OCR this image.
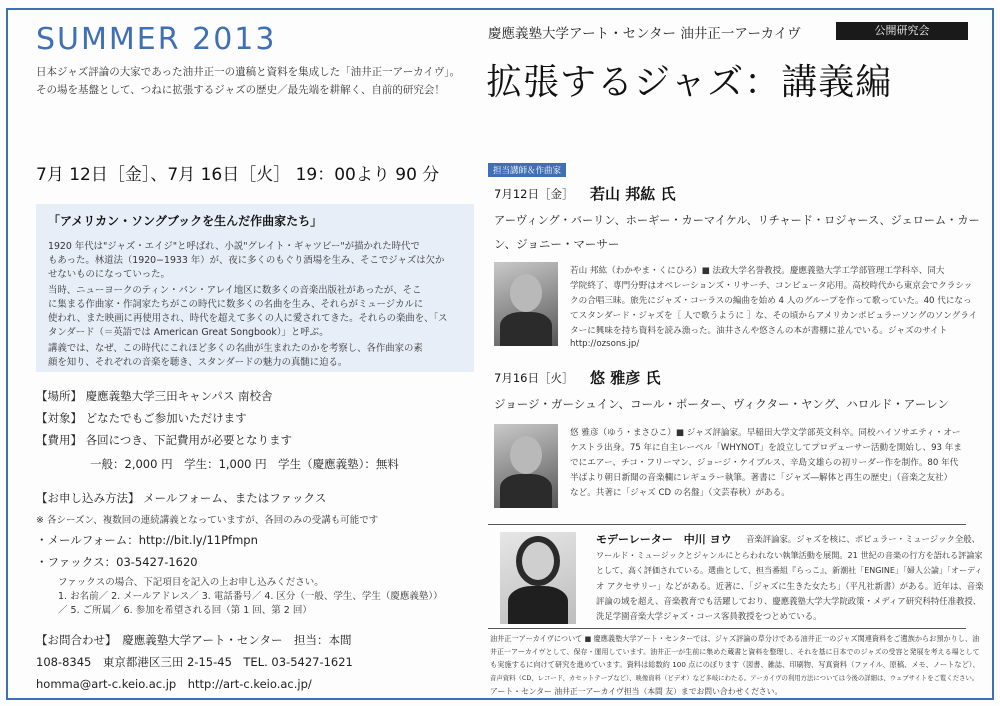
SUMMER 2013
日本ジャズ評論の大家であった油井正一の遺稿と資料を集成した「油井正一アーカイヴ」。
その場を基盤として、つねに拡張するジャズの歴史／最先端を耕解く、自前的研究会！
慶應義塾大学アート・センター 油井正一アーカイヴ	公開研究会
拡張するジャズ：講義編
7月 12日［金］、7月 16日［火］ 19：00より 90 分
「アメリカン・ソングブックを生んだ作曲家たち」
1920 年代は"ジャズ・エイジ"と呼ばれ、小説"グレイト・ギャツビー"が描かれた時代で
もあった。林道法（1920−1933 年）が、夜に多くのもぐり酒場を生み、そこでジャズは欠か
せないものになっていった。
当時、ニューヨークのティン・パン・アレイ地区に数多くの音楽出版社があったが、そこ
に集まる作曲家・作詞家たちがこの時代に数多くの名曲を生み、それらがミュージカルに
使われ、また映画に再使用され、時代を超えて多くの人に愛されてきた。それらの楽曲を、「ス
タンダード（＝英語では American Great Songbook）」と呼ぶ。
講義では、なぜ、この時代にこれほど多くの名曲が生まれたのかを考察し、各作曲家の素
顔を知り、それぞれの音楽を聴き、スタンダードの魅力の真髄に迫る。
【場所】 慶應義塾大学三田キャンパス 南校舎
【対象】 どなたでもご参加いただけます
【費用】 各回につき、下記費用が必要となります
一般：2,000 円　学生：1,000 円　学生（慶應義塾）：無料
【お申し込み方法】 メールフォーム、またはファックス
※ 各シーズン、複数回の連続講義となっていますが、各回のみの受講も可能です
・メールフォーム：http://bit.ly/11Pfmpn
・ファックス：03-5427-1620
ファックスの場合、下記項目を記入の上お申し込みください。
1. お名前／ 2. メールアドレス／ 3. 電話番号／ 4. 区分（一般、学生、学生（慶應義塾））
／ 5. ご所属／ 6. 参加を希望される回（第 1 回、第 2 回）
【お問合わせ】　慶應義塾大学アート・センター　担当：本間
108-8345　東京都港区三田 2-15-45　TEL. 03-5427-1621
homma@art-c.keio.ac.jp　http://art-c.keio.ac.jp/
担当講師＆作曲家
7月12日［金］ 若山 邦紘 氏
アーヴィング・バーリン、ホーギー・カーマイケル、リチャード・ロジャース、ジェローム・カー
ン、ジョニー・マーサー
若山 邦紘（わかやま・くにひろ）■ 法政大学名誉教授。慶應義塾大学工学部管理工学科卒、同大
学院終了、専門分野はオペレーションズ・リサーチ、コンピュータ応用。高校時代から東京会でクラシッ
クの合唱三昧。旅先にジャズ・コーラスの編曲を始め 4 人のグループを作って歌っていた。40 代になっ
てスタンダード・ジャズを［ 人で歌うように ］な、その頃からアメリカンポピュラーソングのソングライ
ターに興味を持ち資料を読み漁った。油井さんや悠さんの本が書棚に並んでいる。ジャズのサイト
http://ozsons.jp/
7月16日［火］ 悠 雅彦 氏
ジョージ・ガーシュイン、コール・ポーター、ヴィクター・ヤング、ハロルド・アーレン
悠 雅彦（ゆう・まさひこ）■ ジャズ評論家。早稲田大学文学部英文科卒。同校ハイソサエティ・オー
ケストラ出身。75 年に自主レーベル「WHYNOT」を設立してプロデューサー活動を開始し、93 年ま
でにエアー、チコ・フリーマン、ジョージ・ケイブルス、辛島文雄らの初リーダー作を制作。80 年代
半ばより朝日新聞の音楽欄にレギュラー執筆。著書に「ジャズ―解体と再生の歴史」（音楽之友社）
など。共著に「ジャズ CD の名盤」（文芸春秋）がある。
モデーレーター　中川 ヨウ 音楽評論家。ジャズを核に、ポピュラー・ミュージック全般、
ワールド・ミュージックとジャンルにとらわれない執筆活動を展開。21 世紀の音楽の行方を語れる評論家
として、高く評価されている。選曲として、担当番組『らっこ』、新潮社「ENGINE」「婦人公論」「オーディ
オ アクセサリー」などがある。近著に、「ジャズに生きた女たち」（平凡社新書）がある。近年は、音楽
評論の域を超え、音楽教育でも活躍しており、慶應義塾大学大学院政策・メディア研究科特任准教授、
洗足学園音楽大学ジャズ・コース客員教授をつとめている。
油井正一アーカイヴについて ■ 慶應義塾大学アート・センターでは、ジャズ評論の草分けである油井正一のジャズ関連資料をご遺族からお預かりし、油
井正一アーカイヴとして、保存・運用しています。油井正一が生前に集めた蔵書と資料を整理し、それを基に日本でのジャズの受容と発展を考える場として
も実施するに向けて研究を進めています。資料は総数約 100 点にのぼります（図書、雑誌、印刷物、写真資料（ファイル、原稿、メモ、ノートなど）、
音声資料（CD、レコード、カセットテープなど）、映像資料（ビデオ）など多岐にわたる。アーカイヴの利用方法については今後の詳細は、ウェブサイトをご覧ください。
アート・センター 油井正一アーカイヴ担当（本間 友）までお問い合わせください。
